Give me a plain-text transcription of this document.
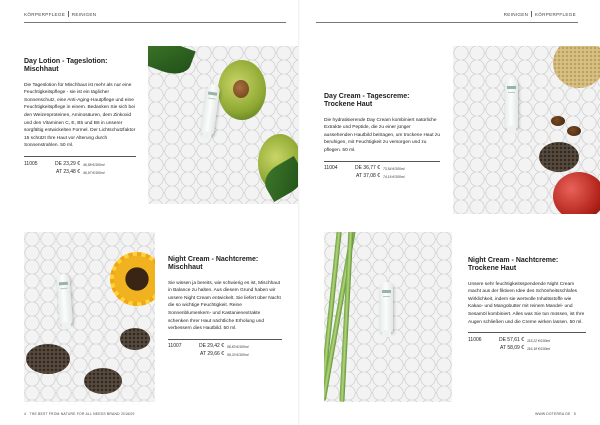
KÖRPERPFLEGE REINIGEN
Day Lotion - Tageslotion: Mischhaut

Die Tageslotion für Mischhaut ist mehr als nur eine Feuchtigkeitspflege - sie ist ein täglicher Sonnenschutz, eine Anti-Aging-Hautpflege und eine Feuchtigkeitspflege in einem. Bedanken Sie sich bei den Weizenproteinen, Aminosäuren, dem Zinkoxid und den Vitaminen C, E, B5 und B6 in unserer sorgfältig entwickelten Formel. Der Lichtschutzfaktor 15 schützt Ihre Haut vor Alterung durch Sonnenstrahlen. 50 ml.

11005	DE 23,29 € 46,58 €/100ml
AT 23,48 € 46,97 €/100ml
Night Cream - Nachtcreme: Mischhaut

Sie wissen ja bereits, wie schwierig es ist, Mischhaut in Balance zu halten. Aus diesem Grund haben wir unsere Night Cream entwickelt. Sie liefert über Nacht die so wichtige Feuchtigkeit. Reine Sonnenblumenkern- und Kastanienextrakte schenken Ihrer Haut nächtliche Erholung und verbessern dies Hautbild. 50 ml.

11007	DE 29,42 € 58,83 €/100ml
AT 29,66 € 59,33 €/100ml
4 THE BEST FROM NATURE FOR ALL NEEDS BRAND 2016/09
REINIGEN KÖRPERPFLEGE
Day Cream - Tagescreme: Trockene Haut

Die hydratisierende Day Cream kombiniert natürliche Extrakte und Peptide, die zu einer jünger aussehenden Hautbild beitragen, um trockene Haut zu beruhigen, mit Feuchtigkeit zu versorgen und zu pflegen. 50 ml.

11004	DE 36,77 € 73,54 €/100ml
AT 37,08 € 74,16 €/100ml
Night Cream - Nachtcreme: Trockene Haut

Unsere sehr feuchtigkeitsspendende Night Cream macht aus der fiktiven Idee des Schönheitsschlafes Wirklichkeit, indem sie wertvolle Inhaltsstoffe wie Kakao- und Mangobutter mit reinem Mandel- und Sesamöl kombiniert. Alles was Sie tun müssen, ist Ihre Augen schließen und die Creme wirken lassen. 50 ml.

11006	DE 57,61 € 115,22 €/100ml
AT 58,09 € 116,18 €/100ml
WWW.DOTERRA.DE 5
